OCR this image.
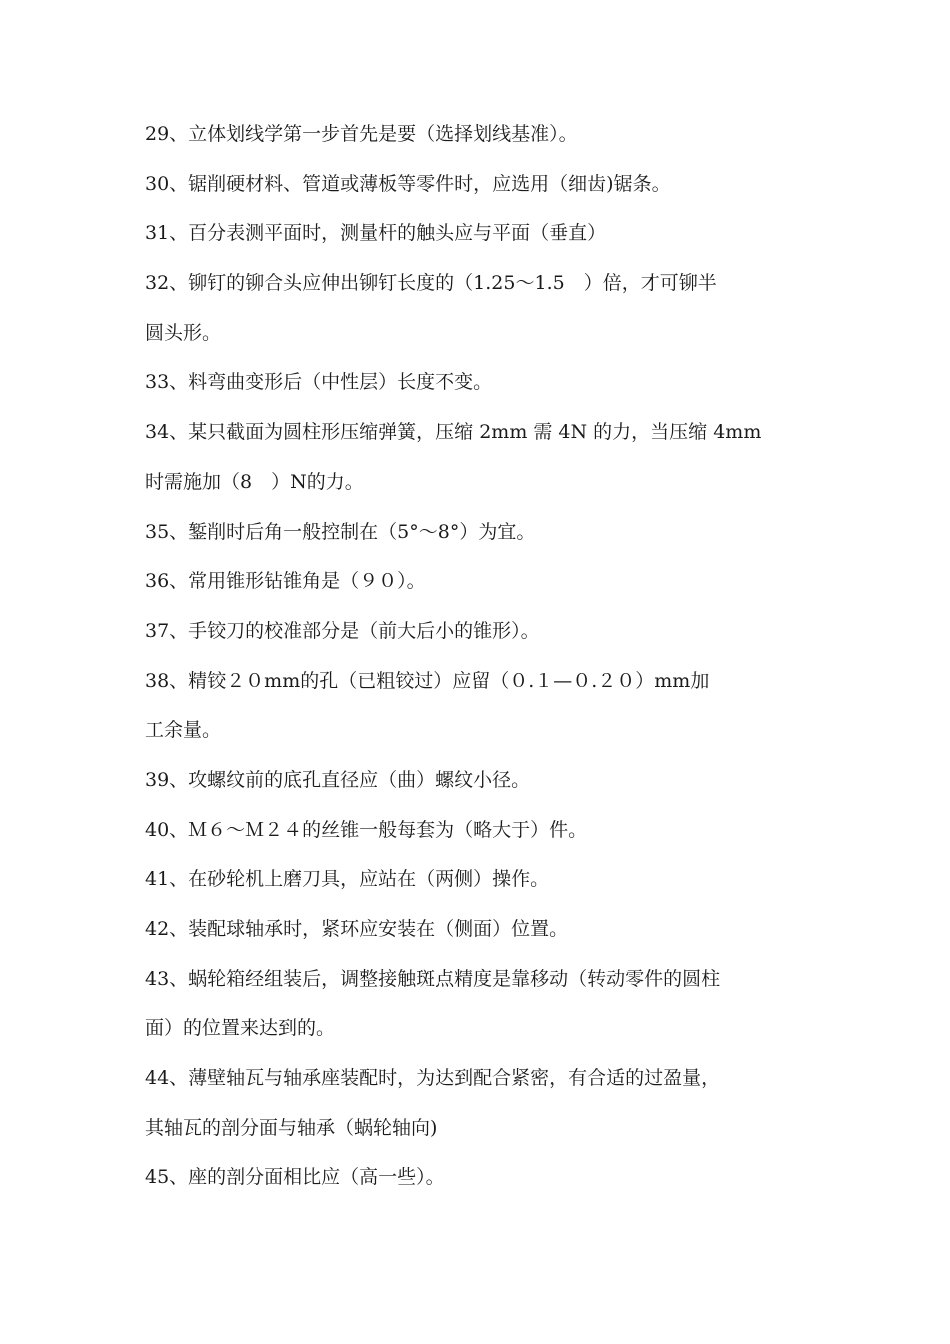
29、立体划线学第一步首先是要（选择划线基准）。
30、锯削硬材料、管道或薄板等零件时，应选用（细齿)锯条。
31、百分表测平面时，测量杆的触头应与平面（垂直）
32、铆钉的铆合头应伸出铆钉长度的（1.25～1.5　）倍，才可铆半
圆头形。
33、料弯曲变形后（中性层）长度不变。
34、某只截面为圆柱形压缩弹簧，压缩 2mm 需 4N 的力，当压缩 4mm
时需施加（8　）N的力。
35、錾削时后角一般控制在（5°～8°）为宜。
36、常用锥形钻锥角是（９０）。
37、手铰刀的校准部分是（前大后小的锥形）。
38、精铰２０mm的孔（已粗铰过）应留（０.１—０.２０）mm加
工余量。
39、攻螺纹前的底孔直径应（曲）螺纹小径。
40、Ｍ６～Ｍ２４的丝锥一般每套为（略大于）件。
41、在砂轮机上磨刀具，应站在（两侧）操作。
42、装配球轴承时，紧环应安装在（侧面）位置。
43、蜗轮箱经组装后，调整接触斑点精度是靠移动（转动零件的圆柱
面）的位置来达到的。
44、薄壁轴瓦与轴承座装配时，为达到配合紧密，有合适的过盈量，
其轴瓦的剖分面与轴承（蜗轮轴向)
45、座的剖分面相比应（高一些）。
